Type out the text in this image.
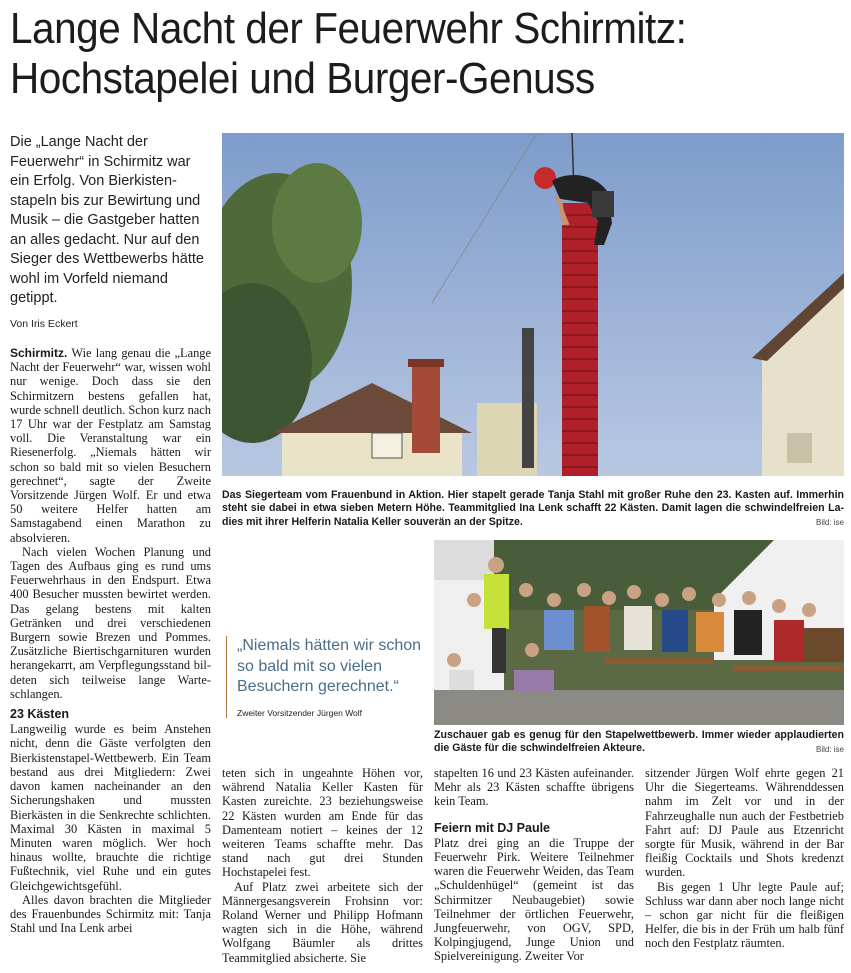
Lange Nacht der Feuerwehr Schirmitz:
Hochstapelei und Burger-Genuss
Die „Lange Nacht der Feuerwehr“ in Schirmitz war ein Erfolg. Von Bierkistenstapeln bis zur Bewirtung und Musik – die Gastgeber hatten an alles gedacht. Nur auf den Sieger des Wettbewerbs hätte wohl im Vorfeld niemand getippt.
Von Iris Eckert
Das Siegerteam vom Frauenbund in Aktion. Hier stapelt gerade Tanja Stahl mit großer Ruhe den 23. Kasten auf. Immerhin steht sie dabei in etwa sieben Metern Höhe. Teammitglied Ina Lenk schafft 22 Kästen. Damit lagen die schwindelfreien Ladies mit ihrer Helferin Natalia Keller souverän an der Spitze.	Bild: ise
Zuschauer gab es genug für den Stapelwettbewerb. Immer wieder applaudierten die Gäste für die schwindelfreien Akteure.	Bild: ise
„Niemals hätten wir schon so bald mit so vielen Besuchern gerechnet.“
Zweiter Vorsitzender Jürgen Wolf

Schirmitz. Wie lang genau die „Lange Nacht der Feuerwehr“ war, wissen wohl nur wenige. Doch dass sie den Schirmitzern bestens gefallen hat, wurde schnell deutlich. Schon kurz nach 17 Uhr war der Festplatz am Samstag voll. Die Veranstaltung war ein Riesenerfolg. „Niemals hätten wir schon so bald mit so vielen Besuchern gerechnet“, sagte der Zweite Vorsitzende Jürgen Wolf. Er und etwa 50 weitere Helfer hatten am Samstagabend einen Marathon zu absolvieren.

Nach vielen Wochen Planung und Tagen des Aufbaus ging es rund ums Feuerwehrhaus in den Endspurt. Etwa 400 Besucher mussten bewirtet werden. Das gelang bestens mit kalten Getränken und drei verschiedenen Burgern sowie Brezen und Pommes. Zusätzliche Biertischgarnituren wurden herangekarrt, am Verpflegungsstand bildeten sich teilweise lange Warteschlangen.

23 Kästen

Langweilig wurde es beim Anstehen nicht, denn die Gäste verfolgten den Bierkistenstapel-Wettbewerb. Ein Team bestand aus drei Mitgliedern: Zwei davon kamen nacheinander an den Sicherungshaken und mussten Bierkästen in die Senkrechte schlichten. Maximal 30 Kästen in maximal 5 Minuten waren möglich. Wer hoch hinaus wollte, brauchte die richtige Fußtechnik, viel Ruhe und ein gutes Gleichgewichtsgefühl.

Alles davon brachten die Mitglieder des Frauenbundes Schirmitz mit: Tanja Stahl und Ina Lenk arbei

teten sich in ungeahnte Höhen vor, während Natalia Keller Kasten für Kasten zureichte. 23 beziehungsweise 22 Kästen wurden am Ende für das Damenteam notiert – keines der 12 weiteren Teams schaffte mehr. Das stand nach gut drei Stunden Hochstapelei fest.

Auf Platz zwei arbeitete sich der Männergesangsverein Frohsinn vor: Roland Werner und Philipp Hofmann wagten sich in die Höhe, während Wolfgang Bäumler als drittes Teammitglied absicherte. Sie

stapelten 16 und 23 Kästen aufeinander. Mehr als 23 Kästen schaffte übrigens kein Team.

Feiern mit DJ Paule

Platz drei ging an die Truppe der Feuerwehr Pirk. Weitere Teilnehmer waren die Feuerwehr Weiden, das Team „Schuldenhügel“ (gemeint ist das Schirmitzer Neubaugebiet) sowie Teilnehmer der örtlichen Feuerwehr, Jungfeuerwehr, von OGV, SPD, Kolpingjugend, Junge Union und Spielvereinigung. Zweiter Vor

sitzender Jürgen Wolf ehrte gegen 21 Uhr die Siegerteams. Währenddessen nahm im Zelt vor und in der Fahrzeughalle nun auch der Festbetrieb Fahrt auf: DJ Paule aus Etzenricht sorgte für Musik, während in der Bar fleißig Cocktails und Shots kredenzt wurden.

Bis gegen 1 Uhr legte Paule auf; Schluss war dann aber noch lange nicht – schon gar nicht für die fleißigen Helfer, die bis in der Früh um halb fünf noch den Festplatz räumten.
